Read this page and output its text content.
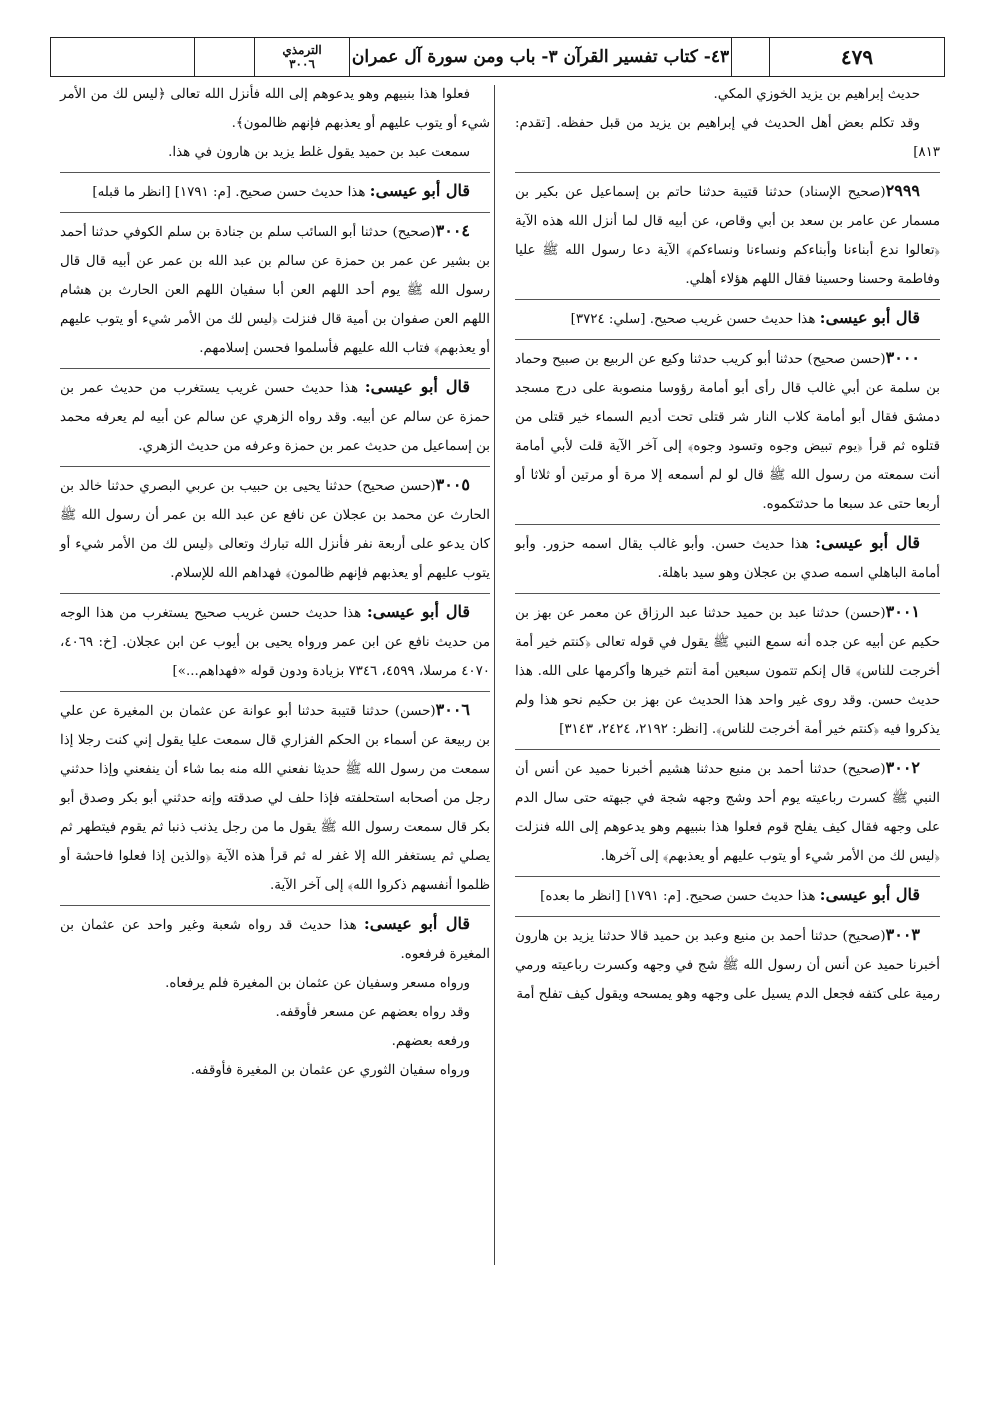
٤٧٩
٤٣- كتاب تفسير القرآن ٣- باب ومن سورة آل عمران
الترمذي
٣٠٠٦

حديث إبراهيم بن يزيد الخوزي المكي.

وقد تكلم بعض أهل الحديث في إبراهيم بن يزيد من قبل حفظه. [تقدم: ٨١٣]

٢٩٩٩(صحيح الإسناد) حدثنا قتيبة حدثنا حاتم بن إسماعيل عن بكير بن مسمار عن عامر بن سعد بن أبي وقاص، عن أبيه قال لما أنزل الله هذه الآية ﴿تعالوا ندع أبناءنا وأبناءكم ونساءنا ونساءكم﴾ الآية دعا رسول الله ﷺ عليا وفاطمة وحسنا وحسينا فقال اللهم هؤلاء أهلي.

قال أبو عيسى: هذا حديث حسن غريب صحيح. [سلي: ٣٧٢٤]

٣٠٠٠(حسن صحيح) حدثنا أبو كريب حدثنا وكيع عن الربيع بن صبيح وحماد بن سلمة عن أبي غالب قال رأى أبو أمامة رؤوسا منصوبة على درج مسجد دمشق فقال أبو أمامة كلاب النار شر قتلى تحت أديم السماء خير قتلى من قتلوه ثم قرأ ﴿يوم تبيض وجوه وتسود وجوه﴾ إلى آخر الآية قلت لأبي أمامة أنت سمعته من رسول الله ﷺ قال لو لم أسمعه إلا مرة أو مرتين أو ثلاثا أو أربعا حتى عد سبعا ما حدثتكموه.

قال أبو عيسى: هذا حديث حسن. وأبو غالب يقال اسمه حزور. وأبو أمامة الباهلي اسمه صدي بن عجلان وهو سيد باهلة.

٣٠٠١(حسن) حدثنا عبد بن حميد حدثنا عبد الرزاق عن معمر عن بهز بن حكيم عن أبيه عن جده أنه سمع النبي ﷺ يقول في قوله تعالى ﴿كنتم خير أمة أخرجت للناس﴾ قال إنكم تتمون سبعين أمة أنتم خيرها وأكرمها على الله. هذا حديث حسن. وقد روى غير واحد هذا الحديث عن بهز بن حكيم نحو هذا ولم يذكروا فيه ﴿كنتم خير أمة أخرجت للناس﴾. [انظر: ٢١٩٢، ٢٤٢٤، ٣١٤٣]

٣٠٠٢(صحيح) حدثنا أحمد بن منيع حدثنا هشيم أخبرنا حميد عن أنس أن النبي ﷺ كسرت رباعيته يوم أحد وشج وجهه شجة في جبهته حتى سال الدم على وجهه فقال كيف يفلح قوم فعلوا هذا بنبيهم وهو يدعوهم إلى الله فنزلت ﴿ليس لك من الأمر شيء أو يتوب عليهم أو يعذبهم﴾ إلى آخرها.

قال أبو عيسى: هذا حديث حسن صحيح. [م: ١٧٩١] [انظر ما بعده]

٣٠٠٣(صحيح) حدثنا أحمد بن منيع وعبد بن حميد قالا حدثنا يزيد بن هارون أخبرنا حميد عن أنس أن رسول الله ﷺ شج في وجهه وكسرت رباعيته ورمي رمية على كتفه فجعل الدم يسيل على وجهه وهو يمسحه ويقول كيف تفلح أمة

فعلوا هذا بنبيهم وهو يدعوهم إلى الله فأنزل الله تعالى ﴿ليس لك من الأمر شيء أو يتوب عليهم أو يعذبهم فإنهم ظالمون﴾.

سمعت عبد بن حميد يقول غلط يزيد بن هارون في هذا.

قال أبو عيسى: هذا حديث حسن صحيح. [م: ١٧٩١] [انظر ما قبله]

٣٠٠٤(صحيح) حدثنا أبو السائب سلم بن جنادة بن سلم الكوفي حدثنا أحمد بن بشير عن عمر بن حمزة عن سالم بن عبد الله بن عمر عن أبيه قال قال رسول الله ﷺ يوم أحد اللهم العن أبا سفيان اللهم العن الحارث بن هشام اللهم العن صفوان بن أمية قال فنزلت ﴿ليس لك من الأمر شيء أو يتوب عليهم أو يعذبهم﴾ فتاب الله عليهم فأسلموا فحسن إسلامهم.

قال أبو عيسى: هذا حديث حسن غريب يستغرب من حديث عمر بن حمزة عن سالم عن أبيه. وقد رواه الزهري عن سالم عن أبيه لم يعرفه محمد بن إسماعيل من حديث عمر بن حمزة وعرفه من حديث الزهري.

٣٠٠٥(حسن صحيح) حدثنا يحيى بن حبيب بن عربي البصري حدثنا خالد بن الحارث عن محمد بن عجلان عن نافع عن عبد الله بن عمر أن رسول الله ﷺ كان يدعو على أربعة نفر فأنزل الله تبارك وتعالى ﴿ليس لك من الأمر شيء أو يتوب عليهم أو يعذبهم فإنهم ظالمون﴾ فهداهم الله للإسلام.

قال أبو عيسى: هذا حديث حسن غريب صحيح يستغرب من هذا الوجه من حديث نافع عن ابن عمر ورواه يحيى بن أيوب عن ابن عجلان. [خ: ٤٠٦٩، ٤٠٧٠ مرسلا، ٤٥٩٩، ٧٣٤٦ بزيادة ودون قوله «فهداهم...»]

٣٠٠٦(حسن) حدثنا قتيبة حدثنا أبو عوانة عن عثمان بن المغيرة عن علي بن ربيعة عن أسماء بن الحكم الفزاري قال سمعت عليا يقول إني كنت رجلا إذا سمعت من رسول الله ﷺ حديثا نفعني الله منه بما شاء أن ينفعني وإذا حدثني رجل من أصحابه استحلفته فإذا حلف لي صدقته وإنه حدثني أبو بكر وصدق أبو بكر قال سمعت رسول الله ﷺ يقول ما من رجل يذنب ذنبا ثم يقوم فيتطهر ثم يصلي ثم يستغفر الله إلا غفر له ثم قرأ هذه الآية ﴿والذين إذا فعلوا فاحشة أو ظلموا أنفسهم ذكروا الله﴾ إلى آخر الآية.

قال أبو عيسى: هذا حديث قد رواه شعبة وغير واحد عن عثمان بن المغيرة فرفعوه.

ورواه مسعر وسفيان عن عثمان بن المغيرة فلم يرفعاه.

وقد رواه بعضهم عن مسعر فأوقفه.

ورفعه بعضهم.

ورواه سفيان الثوري عن عثمان بن المغيرة فأوقفه.
